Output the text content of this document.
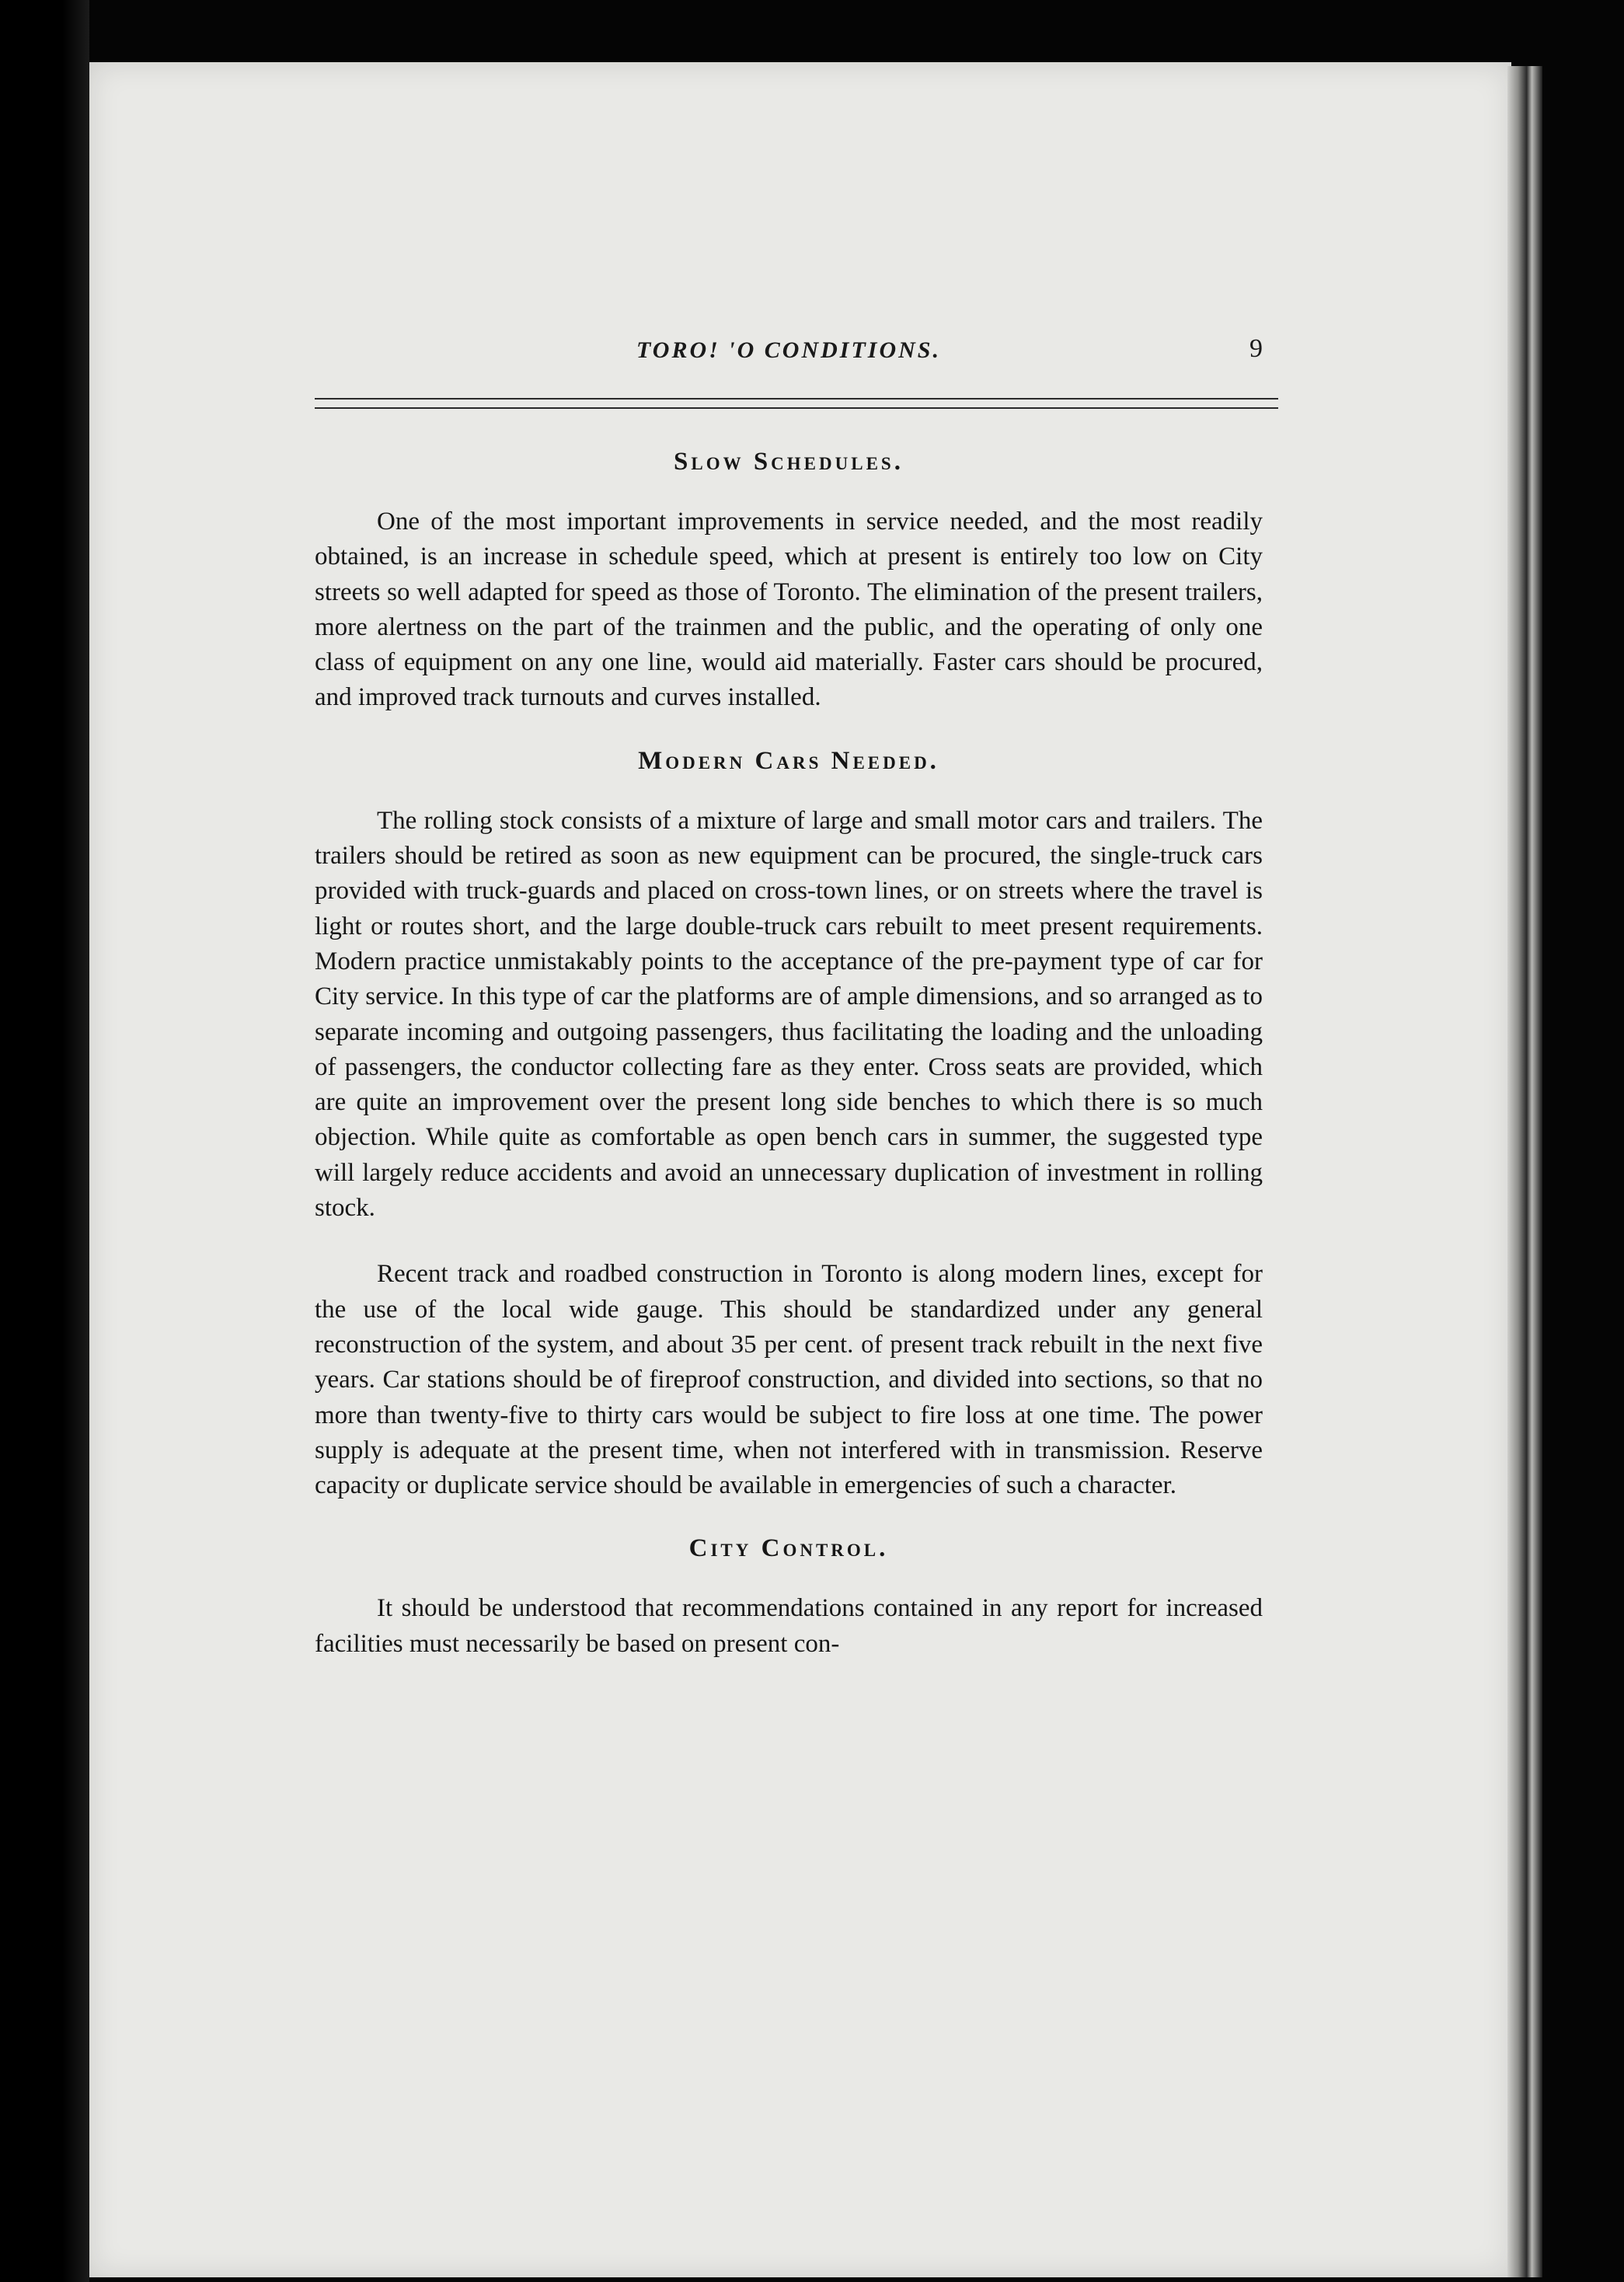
TORO! 'O CONDITIONS.	9
Slow Schedules.

One of the most important improvements in service needed, and the most readily obtained, is an increase in schedule speed, which at present is entirely too low on City streets so well adapted for speed as those of Toronto. The elimination of the present trailers, more alertness on the part of the trainmen and the public, and the operating of only one class of equipment on any one line, would aid materially. Faster cars should be procured, and improved track turnouts and curves installed.

Modern Cars Needed.

The rolling stock consists of a mixture of large and small motor cars and trailers. The trailers should be retired as soon as new equipment can be procured, the single-truck cars provided with truck-guards and placed on cross-town lines, or on streets where the travel is light or routes short, and the large double-truck cars rebuilt to meet present requirements. Modern practice unmistakably points to the acceptance of the pre-payment type of car for City service. In this type of car the platforms are of ample dimensions, and so arranged as to separate incoming and outgoing passengers, thus facilitating the loading and the unloading of passengers, the conductor collecting fare as they enter. Cross seats are provided, which are quite an improvement over the present long side benches to which there is so much objection. While quite as comfortable as open bench cars in summer, the suggested type will largely reduce accidents and avoid an unnecessary duplication of investment in rolling stock.

Recent track and roadbed construction in Toronto is along modern lines, except for the use of the local wide gauge. This should be standardized under any general reconstruction of the system, and about 35 per cent. of present track rebuilt in the next five years. Car stations should be of fireproof construction, and divided into sections, so that no more than twenty-five to thirty cars would be subject to fire loss at one time. The power supply is adequate at the present time, when not interfered with in transmission. Reserve capacity or duplicate service should be available in emergencies of such a character.

City Control.

It should be understood that recommendations contained in any report for increased facilities must necessarily be based on present con-
